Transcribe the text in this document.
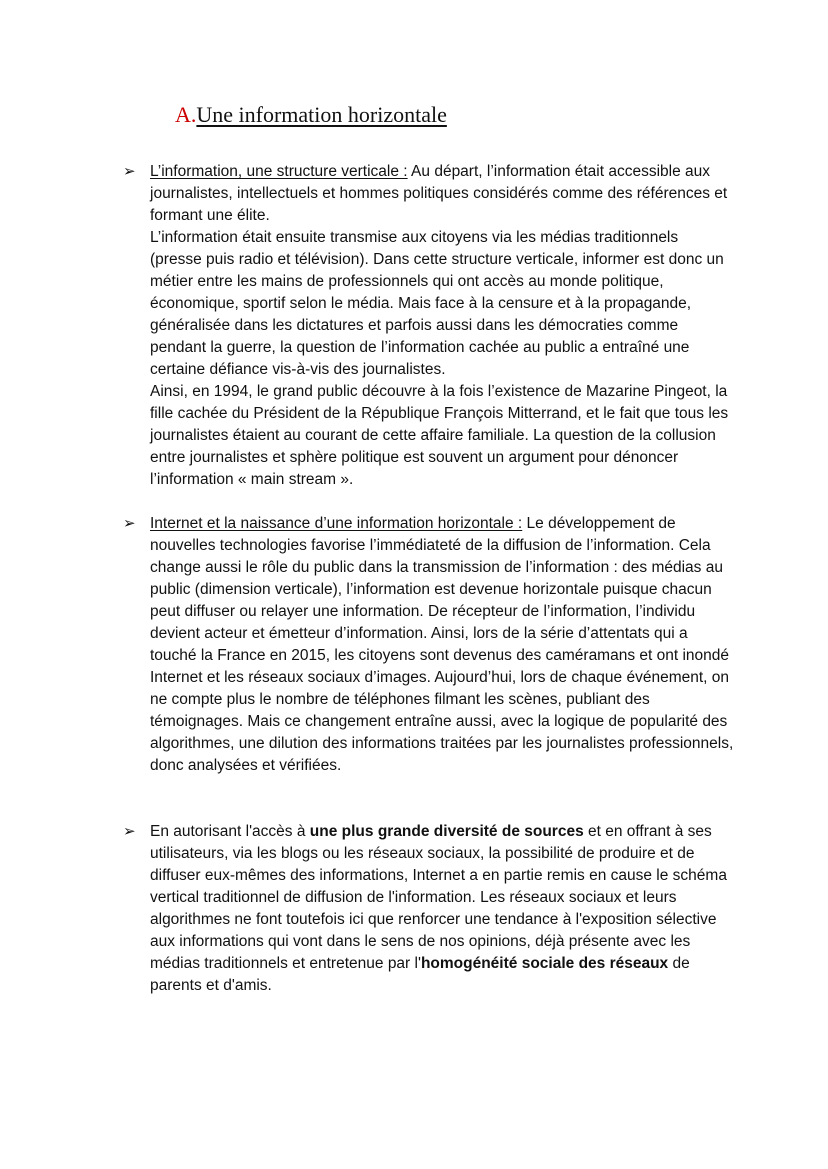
A.Une information horizontale
➢ L’information, une structure verticale : Au départ, l’information était accessible aux journalistes, intellectuels et hommes politiques considérés comme des références et formant une élite.

L’information était ensuite transmise aux citoyens via les médias traditionnels (presse puis radio et télévision). Dans cette structure verticale, informer est donc un métier entre les mains de professionnels qui ont accès au monde politique, économique, sportif selon le média. Mais face à la censure et à la propagande, généralisée dans les dictatures et parfois aussi dans les démocraties comme pendant la guerre, la question de l’information cachée au public a entraîné une certaine défiance vis-à-vis des journalistes.

Ainsi, en 1994, le grand public découvre à la fois l’existence de Mazarine Pingeot, la fille cachée du Président de la République François Mitterrand, et le fait que tous les journalistes étaient au courant de cette affaire familiale. La question de la collusion entre journalistes et sphère politique est souvent un argument pour dénoncer l’information « main stream ».

➢ Internet et la naissance d’une information horizontale : Le développement de nouvelles technologies favorise l’immédiateté de la diffusion de l’information. Cela change aussi le rôle du public dans la transmission de l’information : des médias au public (dimension verticale), l’information est devenue horizontale puisque chacun peut diffuser ou relayer une information. De récepteur de l’information, l’individu devient acteur et émetteur d’information. Ainsi, lors de la série d’attentats qui a touché la France en 2015, les citoyens sont devenus des caméramans et ont inondé Internet et les réseaux sociaux d’images. Aujourd’hui, lors de chaque événement, on ne compte plus le nombre de téléphones filmant les scènes, publiant des témoignages. Mais ce changement entraîne aussi, avec la logique de popularité des algorithmes, une dilution des informations traitées par les journalistes professionnels, donc analysées et vérifiées.

➢ En autorisant l'accès à une plus grande diversité de sources et en offrant à ses utilisateurs, via les blogs ou les réseaux sociaux, la possibilité de produire et de diffuser eux-mêmes des informations, Internet a en partie remis en cause le schéma vertical traditionnel de diffusion de l'information. Les réseaux sociaux et leurs algorithmes ne font toutefois ici que renforcer une tendance à l'exposition sélective aux informations qui vont dans le sens de nos opinions, déjà présente avec les médias traditionnels et entretenue par l'homogénéité sociale des réseaux de parents et d'amis.
